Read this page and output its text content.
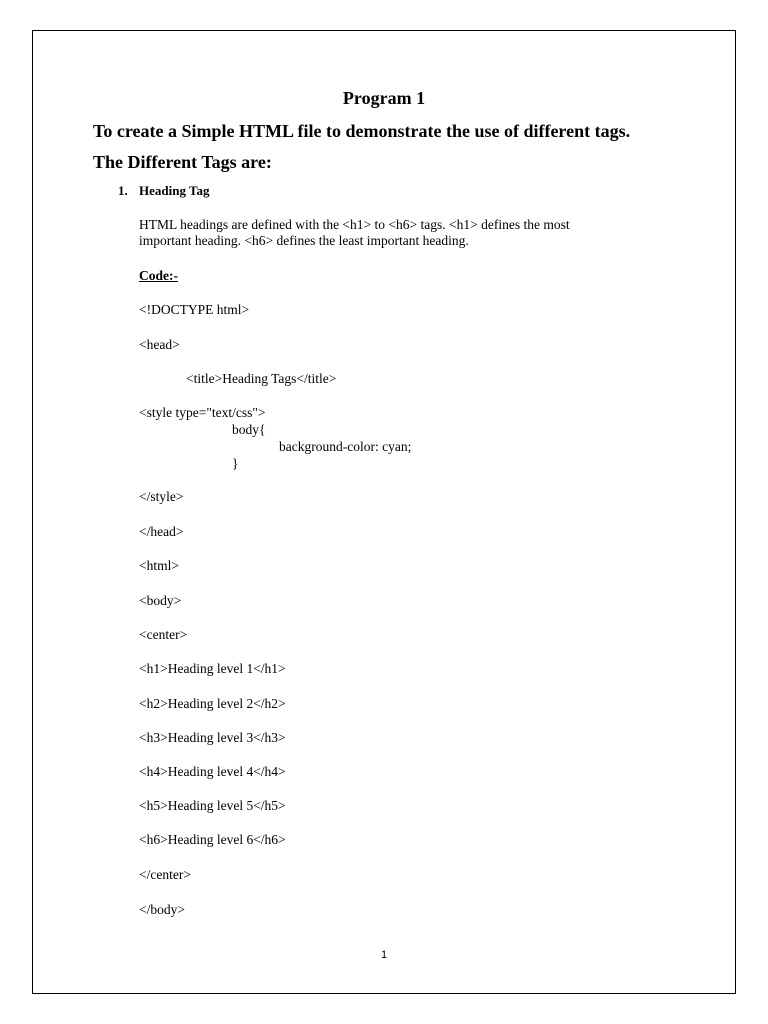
Program 1
To create a Simple HTML file to demonstrate the use of different tags.
The Different Tags are:
1. Heading Tag
HTML headings are defined with the <h1> to <h6> tags. <h1> defines the most
important heading. <h6> defines the least important heading.
Code:-
<!DOCTYPE html>
<head>
<title>Heading Tags</title>
<style type="text/css">
body{
background-color: cyan;
}
</style>
</head>
<html>
<body>
<center>
<h1>Heading level 1</h1>
<h2>Heading level 2</h2>
<h3>Heading level 3</h3>
<h4>Heading level 4</h4>
<h5>Heading level 5</h5>
<h6>Heading level 6</h6>
</center>
</body>
1
